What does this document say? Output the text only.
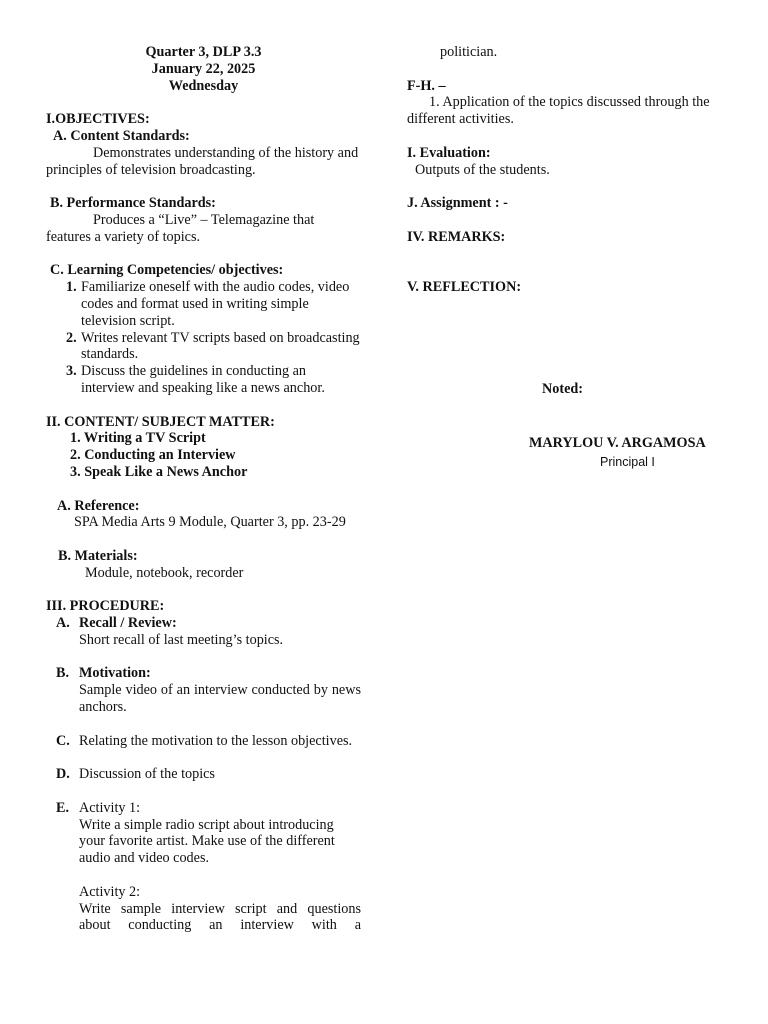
Quarter 3, DLP 3.3

January 22, 2025

Wednesday

I.OBJECTIVES:

A. Content Standards:

Demonstrates understanding of the history and principles of television broadcasting.

B. Performance Standards:

Produces a “Live” – Telemagazine that features a variety of topics.

C. Learning Competencies/ objectives:

1. Familiarize oneself with the audio codes, video codes and format used in writing simple television script.
2. Writes relevant TV scripts based on broadcasting standards.
3. Discuss the guidelines in conducting an interview and speaking like a news anchor.

II. CONTENT/ SUBJECT MATTER:

1. Writing a TV Script

2. Conducting an Interview

3. Speak Like a News Anchor

A. Reference:

SPA Media Arts 9 Module, Quarter 3, pp. 23-29

B. Materials:

Module, notebook, recorder

III. PROCEDURE:

A. Recall / Review:

Short recall of last meeting’s topics.

B. Motivation:

Sample video of an interview conducted by news anchors.

C. Relating the motivation to the lesson objectives.

D. Discussion of the topics

E. Activity 1:

Write a simple radio script about introducing your favorite artist. Make use of the different audio and video codes.

Activity 2:

Write sample interview script and questions about conducting an interview with a

politician.

F-H. –

1. Application of the topics discussed through the different activities.

I. Evaluation:

Outputs of the students.

J. Assignment : -

IV. REMARKS:

V. REFLECTION:

Noted:

MARYLOU V. ARGAMOSA

Principal I
